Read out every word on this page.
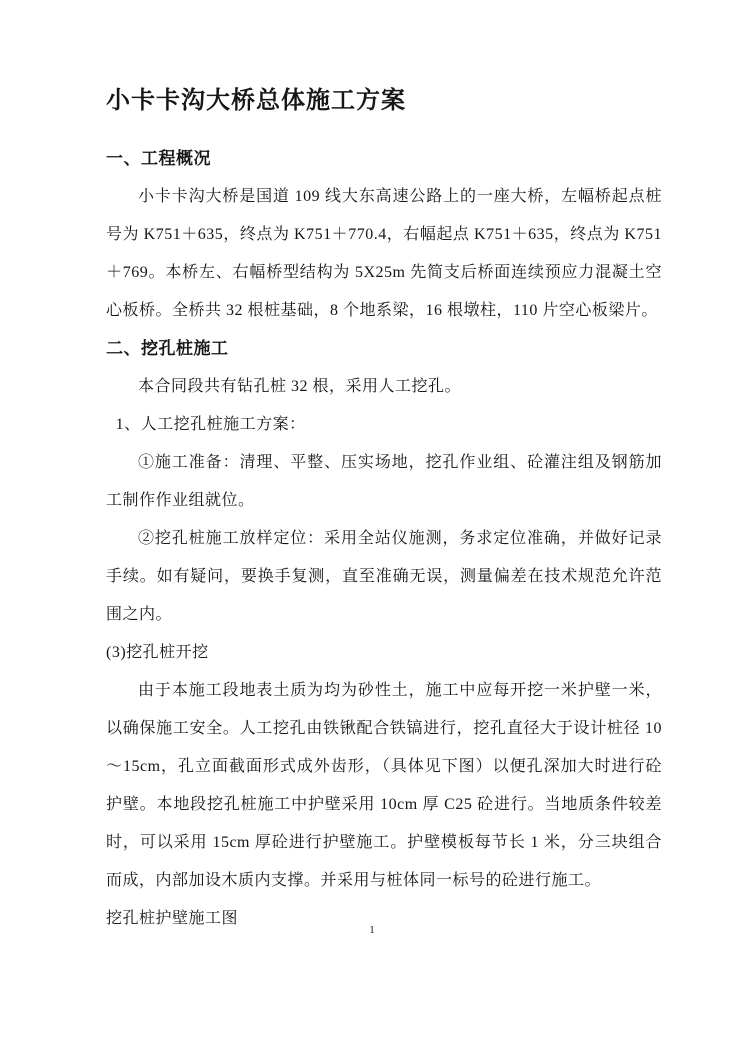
小卡卡沟大桥总体施工方案
一、工程概况

小卡卡沟大桥是国道 109 线大东高速公路上的一座大桥，左幅桥起点桩号为 K751＋635，终点为 K751＋770.4，右幅起点 K751＋635，终点为 K751＋769。本桥左、右幅桥型结构为 5X25m 先简支后桥面连续预应力混凝土空心板桥。全桥共 32 根桩基础，8 个地系梁，16 根墩柱，110 片空心板梁片。

二、挖孔桩施工

本合同段共有钻孔桩 32 根，采用人工挖孔。

1、人工挖孔桩施工方案：

①施工准备：清理、平整、压实场地，挖孔作业组、砼灌注组及钢筋加工制作作业组就位。

②挖孔桩施工放样定位：采用全站仪施测，务求定位准确，并做好记录手续。如有疑问，要换手复测，直至准确无误，测量偏差在技术规范允许范围之内。

(3)挖孔桩开挖

由于本施工段地表土质为均为砂性土，施工中应每开挖一米护壁一米，以确保施工安全。人工挖孔由铁锹配合铁镐进行，挖孔直径大于设计桩径 10～15cm，孔立面截面形式成外齿形，（具体见下图）以便孔深加大时进行砼护壁。本地段挖孔桩施工中护壁采用 10cm 厚 C25 砼进行。当地质条件较差时，可以采用 15cm 厚砼进行护壁施工。护壁模板每节长 1 米，分三块组合而成，内部加设木质内支撑。并采用与桩体同一标号的砼进行施工。

挖孔桩护壁施工图

1
